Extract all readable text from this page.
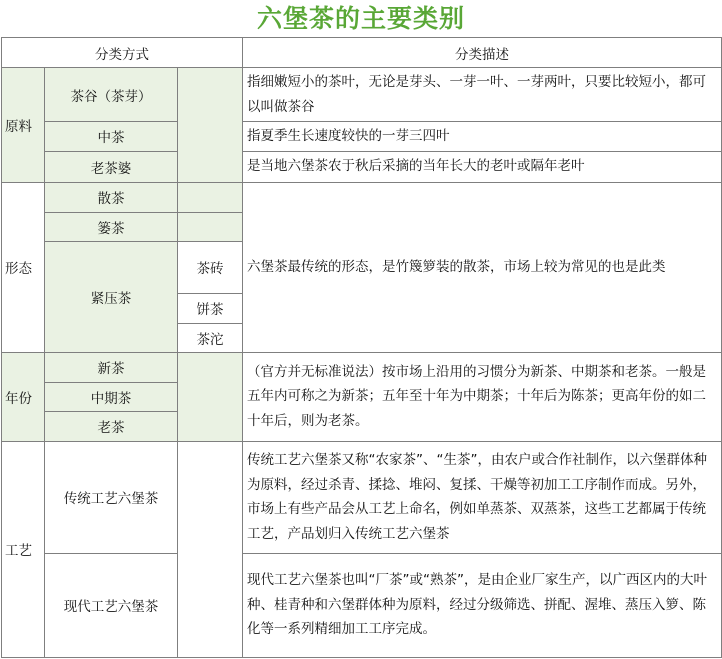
六堡茶的主要类别
分类方式			分类描述
原料	茶谷（茶芽）		指细嫩短小的茶叶，无论是芽头、一芽一叶、一芽两叶，只要比较短小，都可以叫做茶谷
	中茶		指夏季生长速度较快的一芽三四叶
	老茶婆		是当地六堡茶农于秋后采摘的当年长大的老叶或隔年老叶
形态	散茶		六堡茶最传统的形态，是竹篾箩装的散茶，市场上较为常见的也是此类
	篓茶		
	紧压茶	茶砖	
		饼茶	
		茶沱	
年份	新茶		（官方并无标准说法）按市场上沿用的习惯分为新茶、中期茶和老茶。一般是五年内可称之为新茶；五年至十年为中期茶；十年后为陈茶；更高年份的如二十年后，则为老茶。
	中期茶		
	老茶		
工艺	传统工艺六堡茶		传统工艺六堡茶又称“农家茶”、“生茶”，由农户或合作社制作，以六堡群体种为原料，经过杀青、揉捻、堆闷、复揉、干燥等初加工工序制作而成。另外，市场上有些产品会从工艺上命名，例如单蒸茶、双蒸茶，这些工艺都属于传统工艺，产品划归入传统工艺六堡茶
	现代工艺六堡茶		现代工艺六堡茶也叫“厂茶”或“熟茶”，是由企业厂家生产，以广西区内的大叶种、桂青种和六堡群体种为原料，经过分级筛选、拼配、渥堆、蒸压入箩、陈化等一系列精细加工工序完成。
